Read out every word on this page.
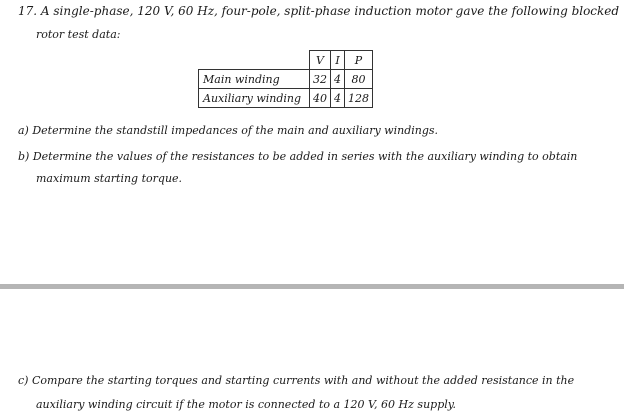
17. A single-phase, 120 V, 60 Hz, four-pole, split-phase induction motor gave the following blocked
rotor test data:
	V	I	P
Main winding	32	4	80
Auxiliary winding	40	4	128
a) Determine the standstill impedances of the main and auxiliary windings.
b) Determine the values of the resistances to be added in series with the auxiliary winding to obtain
maximum starting torque.
c) Compare the starting torques and starting currents with and without the added resistance in the
auxiliary winding circuit if the motor is connected to a 120 V, 60 Hz supply.
